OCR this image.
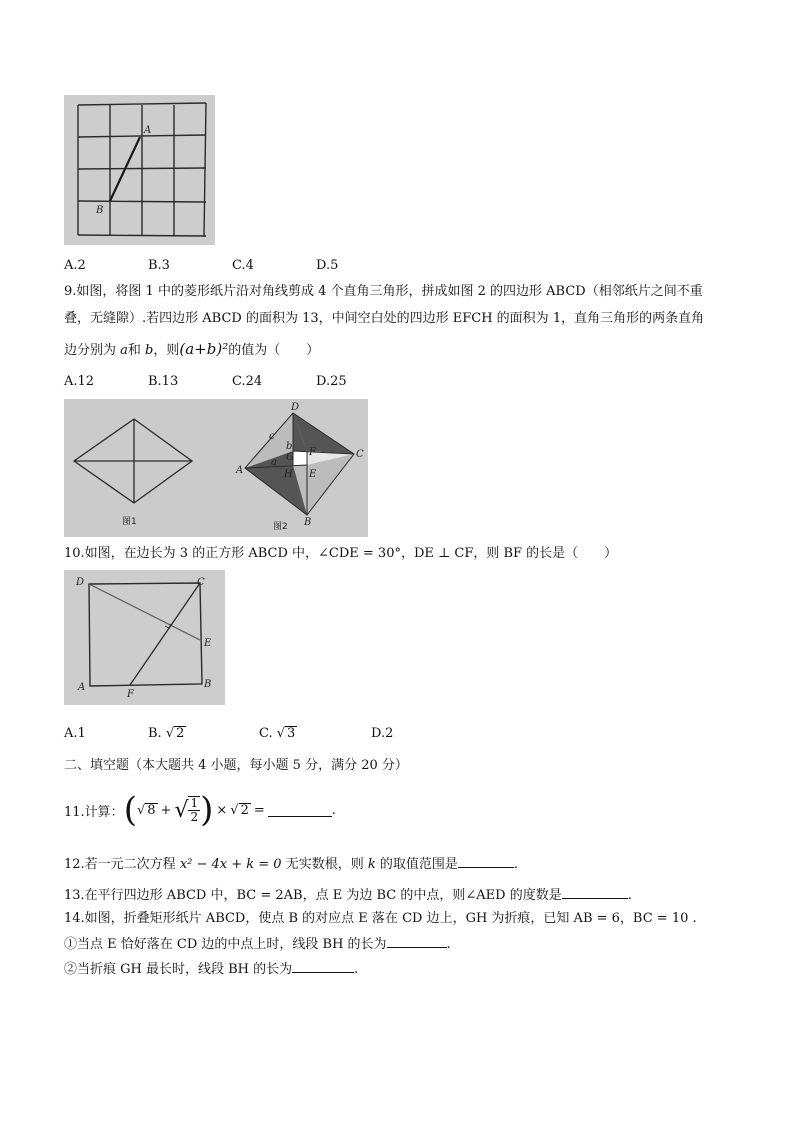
A
B
A.2	B.3	C.4	D.5
9.如图，将图 1 中的菱形纸片沿对角线剪成 4 个直角三角形，拼成如图 2 的四边形 ABCD（相邻纸片之间不重
叠，无缝隙）.若四边形 ABCD 的面积为 13，中间空白处的四边形 EFCH 的面积为 1，直角三角形的两条直角
边分别为 a和 b，则(a+b)²的值为（　　）
A.12	B.13	C.24	D.25
图1
D
C
A
B
F
G
H E
c
b
a
图2
10.如图，在边长为 3 的正方形 ABCD 中，∠CDE = 30°，DE ⊥ CF，则 BF 的长是（　　）
D	C
E
A	B
F
A.1	B. √ 2	C. √ 3	D.2
二、填空题（本大题共 4 小题，每小题 5 分，满分 20 分）
11.计算： ( √ 8 + √ $\frac{1}{2}$ ) × √ 2 =	.
12.若一元二次方程 x² − 4x + k = 0 无实数根，则 k 的取值范围是	.
13.在平行四边形 ABCD 中，BC = 2AB，点 E 为边 BC 的中点，则∠AED 的度数是	.
14.如图，折叠矩形纸片 ABCD，使点 B 的对应点 E 落在 CD 边上，GH 为折痕，已知 AB = 6，BC = 10 .
①当点 E 恰好落在 CD 边的中点上时，线段 BH 的长为	.
②当折痕 GH 最长时，线段 BH 的长为	.
